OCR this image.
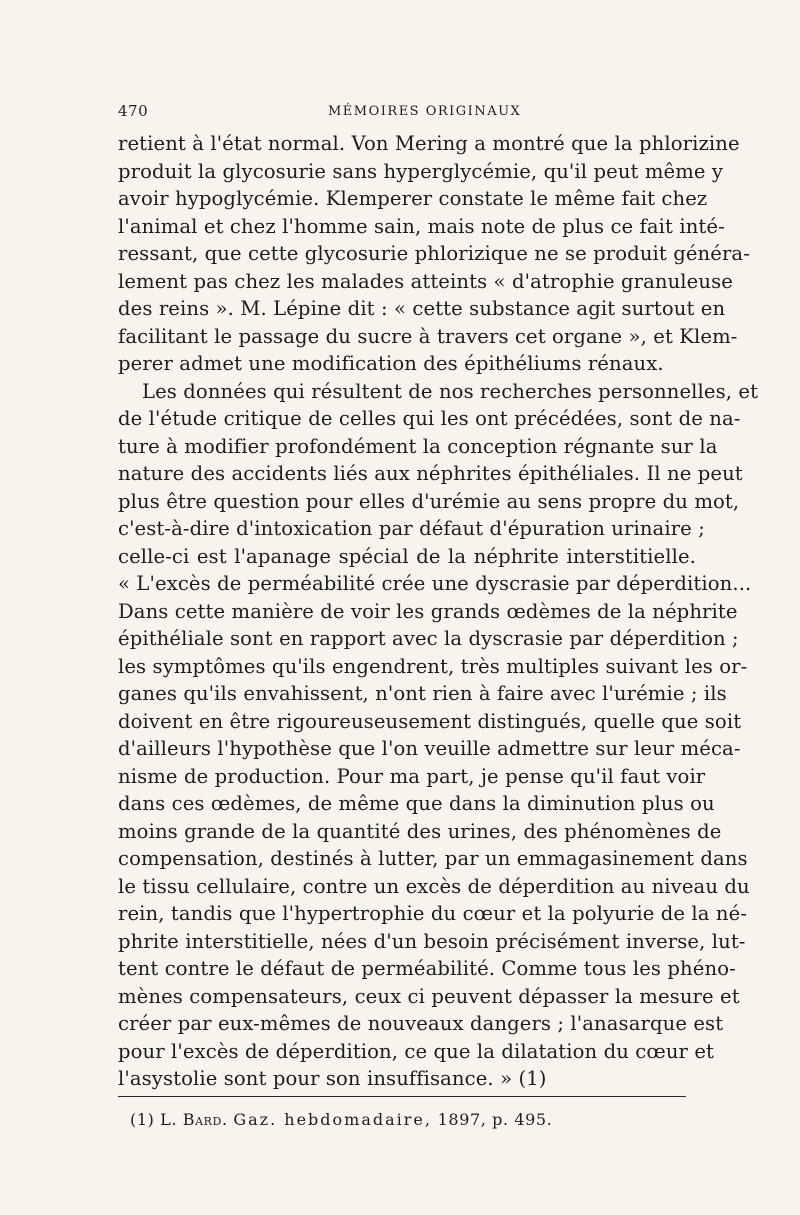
470	MÉMOIRES ORIGINAUX
retient à l'état normal. Von Mering a montré que la phlorizine
produit la glycosurie sans hyperglycémie, qu'il peut même y
avoir hypoglycémie. Klemperer constate le même fait chez
l'animal et chez l'homme sain, mais note de plus ce fait inté-
ressant, que cette glycosurie phlorizique ne se produit généra-
lement pas chez les malades atteints « d'atrophie granuleuse
des reins ». M. Lépine dit : « cette substance agit surtout en
facilitant le passage du sucre à travers cet organe », et Klem-
perer admet une modification des épithéliums rénaux.
Les données qui résultent de nos recherches personnelles, et
de l'étude critique de celles qui les ont précédées, sont de na-
ture à modifier profondément la conception régnante sur la
nature des accidents liés aux néphrites épithéliales. Il ne peut
plus être question pour elles d'urémie au sens propre du mot,
c'est-à-dire d'intoxication par défaut d'épuration urinaire ;
celle-ci est l'apanage spécial de la néphrite interstitielle.
« L'excès de perméabilité crée une dyscrasie par déperdition...
Dans cette manière de voir les grands œdèmes de la néphrite
épithéliale sont en rapport avec la dyscrasie par déperdition ;
les symptômes qu'ils engendrent, très multiples suivant les or-
ganes qu'ils envahissent, n'ont rien à faire avec l'urémie ; ils
doivent en être rigoureuseusement distingués, quelle que soit
d'ailleurs l'hypothèse que l'on veuille admettre sur leur méca-
nisme de production. Pour ma part, je pense qu'il faut voir
dans ces œdèmes, de même que dans la diminution plus ou
moins grande de la quantité des urines, des phénomènes de
compensation, destinés à lutter, par un emmagasinement dans
le tissu cellulaire, contre un excès de déperdition au niveau du
rein, tandis que l'hypertrophie du cœur et la polyurie de la né-
phrite interstitielle, nées d'un besoin précisément inverse, lut-
tent contre le défaut de perméabilité. Comme tous les phéno-
mènes compensateurs, ceux ci peuvent dépasser la mesure et
créer par eux-mêmes de nouveaux dangers ; l'anasarque est
pour l'excès de déperdition, ce que la dilatation du cœur et
l'asystolie sont pour son insuffisance. » (1)
(1) L. Bard. Gaz. hebdomadaire, 1897, p. 495.
